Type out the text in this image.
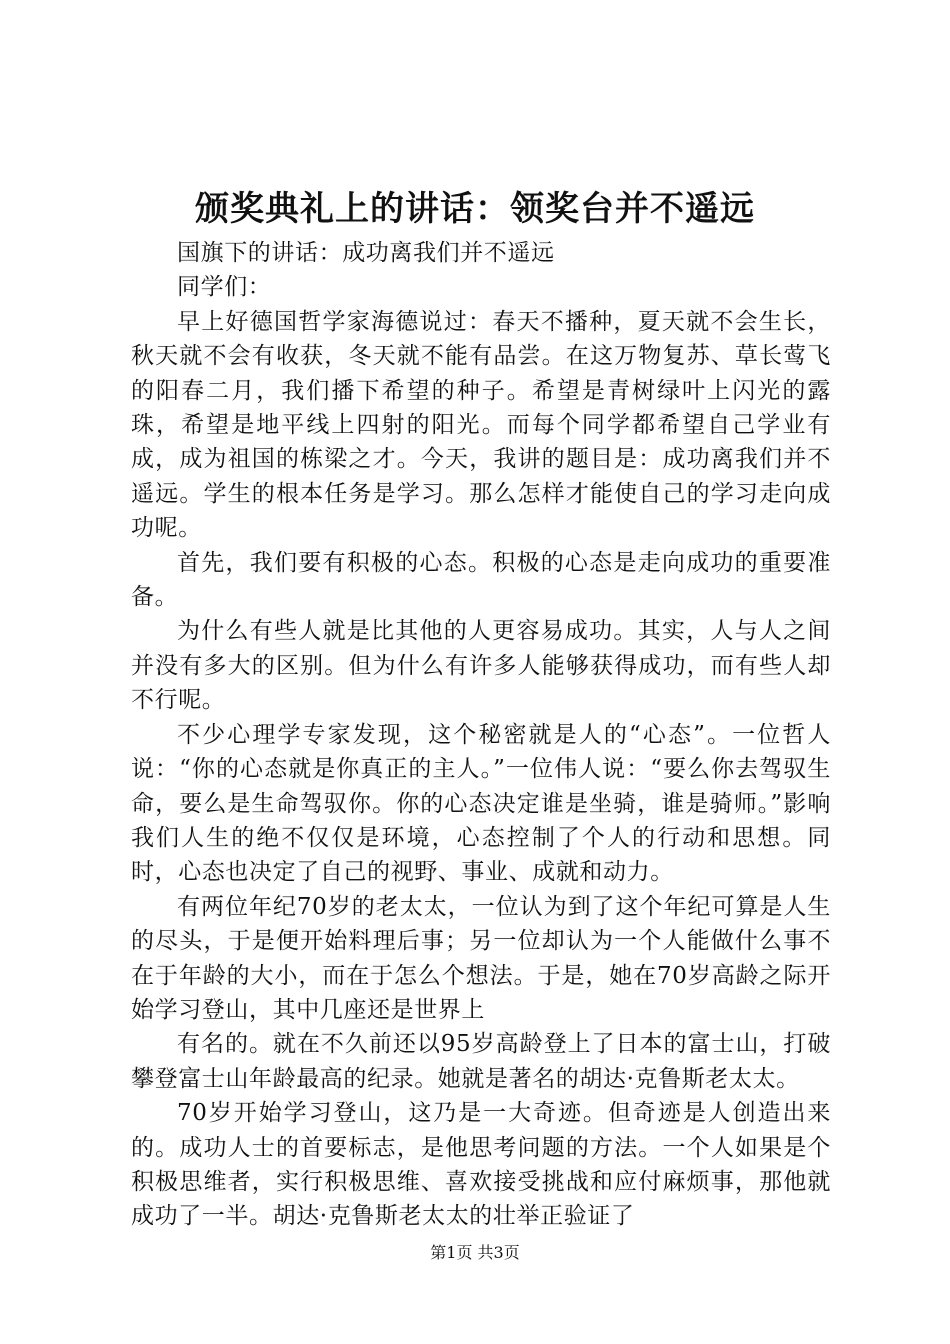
颁奖典礼上的讲话：领奖台并不遥远

国旗下的讲话：成功离我们并不遥远

同学们：

早上好德国哲学家海德说过：春天不播种，夏天就不会生长，秋天就不会有收获，冬天就不能有品尝。在这万物复苏、草长莺飞的阳春二月，我们播下希望的种子。希望是青树绿叶上闪光的露珠，希望是地平线上四射的阳光。而每个同学都希望自己学业有成，成为祖国的栋梁之才。今天，我讲的题目是：成功离我们并不遥远。学生的根本任务是学习。那么怎样才能使自己的学习走向成功呢。

首先，我们要有积极的心态。积极的心态是走向成功的重要准备。

为什么有些人就是比其他的人更容易成功。其实，人与人之间并没有多大的区别。但为什么有许多人能够获得成功，而有些人却不行呢。

不少心理学专家发现，这个秘密就是人的“心态”。一位哲人说：“你的心态就是你真正的主人。”一位伟人说：“要么你去驾驭生命，要么是生命驾驭你。你的心态决定谁是坐骑，谁是骑师。”影响我们人生的绝不仅仅是环境，心态控制了个人的行动和思想。同时，心态也决定了自己的视野、事业、成就和动力。

有两位年纪70岁的老太太，一位认为到了这个年纪可算是人生的尽头，于是便开始料理后事；另一位却认为一个人能做什么事不在于年龄的大小，而在于怎么个想法。于是，她在70岁高龄之际开始学习登山，其中几座还是世界上

有名的。就在不久前还以95岁高龄登上了日本的富士山，打破攀登富士山年龄最高的纪录。她就是著名的胡达·克鲁斯老太太。

70岁开始学习登山，这乃是一大奇迹。但奇迹是人创造出来的。成功人士的首要标志，是他思考问题的方法。一个人如果是个积极思维者，实行积极思维、喜欢接受挑战和应付麻烦事，那他就成功了一半。胡达·克鲁斯老太太的壮举正验证了

第1页 共3页
